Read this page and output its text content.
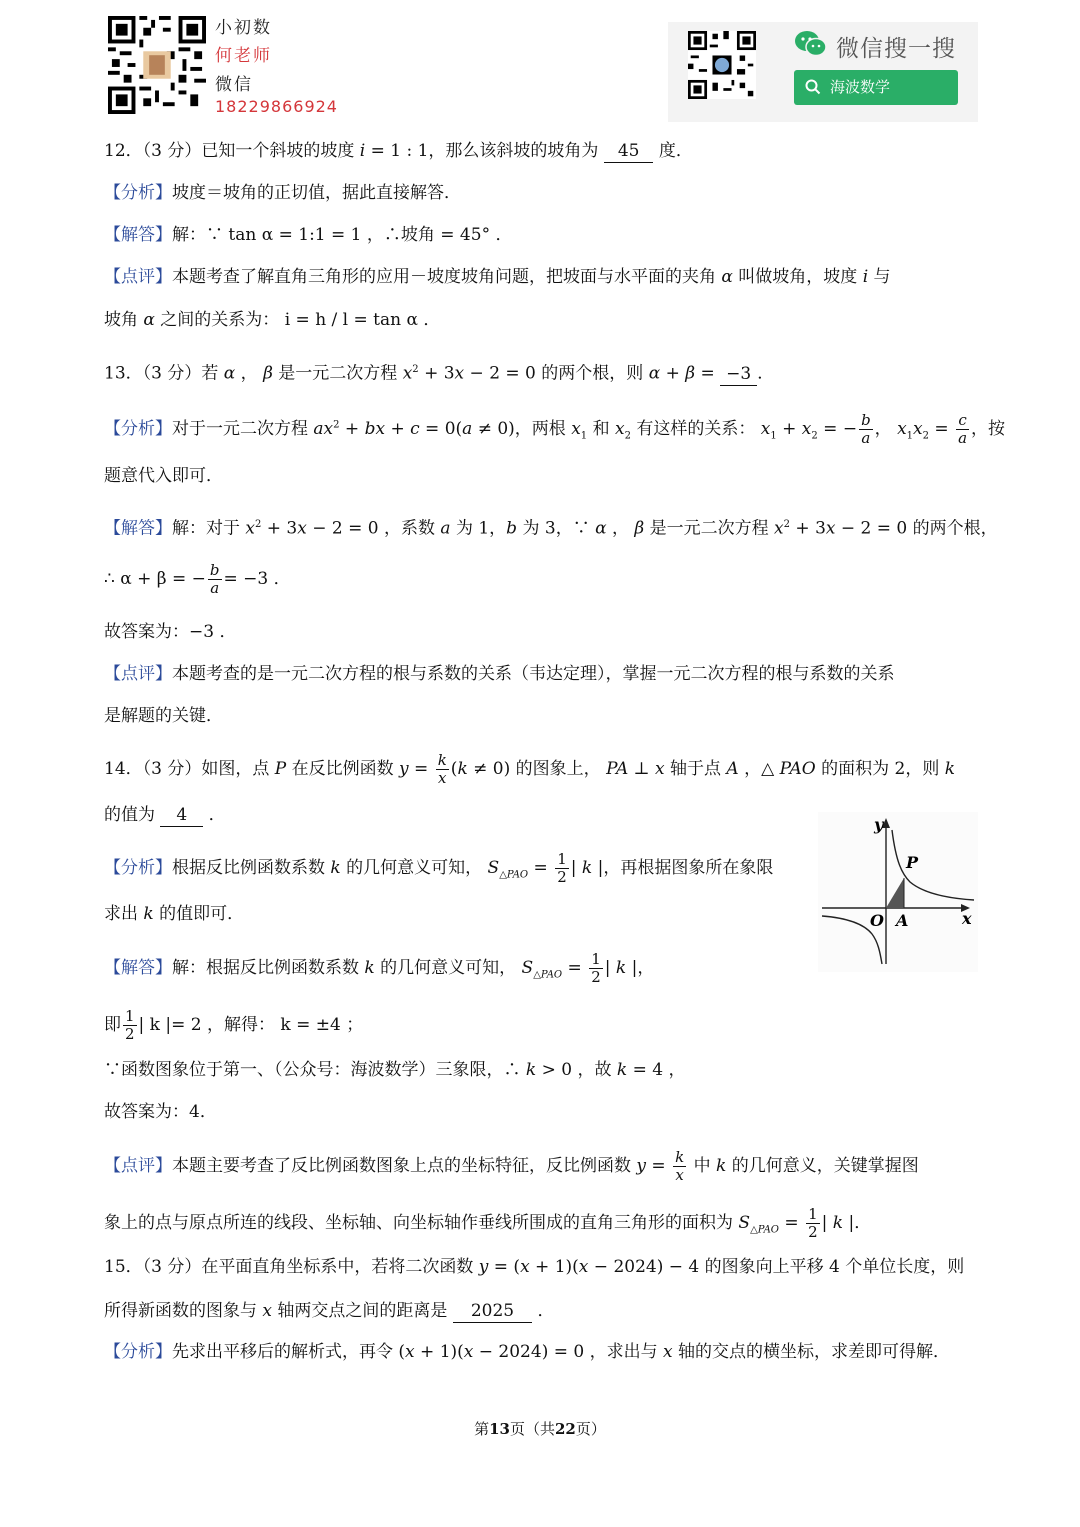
小初数
何老师
微信
18229866924
微信搜一搜
海波数学
12．（3 分）已知一个斜坡的坡度 i = 1 : 1，那么该斜坡的坡角为 45 度．
【分析】坡度＝坡角的正切值，据此直接解答．
【解答】解：∵ tan α = 1:1 = 1 ，∴坡角 = 45° ．
【点评】本题考查了解直角三角形的应用－坡度坡角问题，把坡面与水平面的夹角 α 叫做坡角，坡度 i 与
坡角 α 之间的关系为： i = h / l = tan α ．
13．（3 分）若 α ， β 是一元二次方程 $x^2 + 3x - 2 = 0$ 的两个根，则 α + β = −3 ．
【分析】对于一元二次方程 $ax^2$ + bx + c = 0(a ≠ 0)，两根 $x_1$ 和 $x_2$ 有这样的关系： $x_1 + x_2$ = − $\frac{b}{a}$ ， $x_1x_2 = \frac{c}{a}$ ，按
题意代入即可．
【解答】解：对于 $x^2 + 3x - 2 = 0$ ，系数 a 为 1，b 为 3，∵ α ， β 是一元二次方程 $x^2 + 3x - 2 = 0$ 的两个根，
∴ α + β = − $\frac{b}{a} = -3$ ．
故答案为：−3 ．
【点评】本题考查的是一元二次方程的根与系数的关系（韦达定理），掌握一元二次方程的根与系数的关系
是解题的关键．
14．（3 分）如图，点 P 在反比例函数 $y = \frac{k}{x} (k \ne 0)$ 的图象上， PA ⊥ x 轴于点 A ，△ PAO 的面积为 2，则 k
的值为 4 ．
【分析】根据反比例函数系数 k 的几何意义可知， $S_{\triangle PAO} = \frac{1}{2}$ | k |，再根据图象所在象限
求出 k 的值即可．
【解答】解：根据反比例函数系数 k 的几何意义可知， $S_{\triangle PAO} = \frac{1}{2}$ | k |，
即 $\frac{1}{2}$ | k |= 2 ，解得： k = ±4 ；
∵函数图象位于第一、（公众号：海波数学）三象限，∴ k > 0 ，故 k = 4 ，
故答案为：4．
【点评】本题主要考查了反比例函数图象上点的坐标特征，反比例函数 $y = \frac{k}{x}$ 中 k 的几何意义，关键掌握图
象上的点与原点所连的线段、坐标轴、向坐标轴作垂线所围成的直角三角形的面积为 $S_{\triangle PAO} = \frac{1}{2}$ | k |．
y
P
O A	x
15．（3 分）在平面直角坐标系中，若将二次函数 y = (x + 1)(x − 2024) − 4 的图象向上平移 4 个单位长度，则
所得新函数的图象与 x 轴两交点之间的距离是 2025 ．
【分析】先求出平移后的解析式，再令 (x + 1)(x − 2024) = 0 ，求出与 x 轴的交点的横坐标，求差即可得解．
第13页（共22页）
